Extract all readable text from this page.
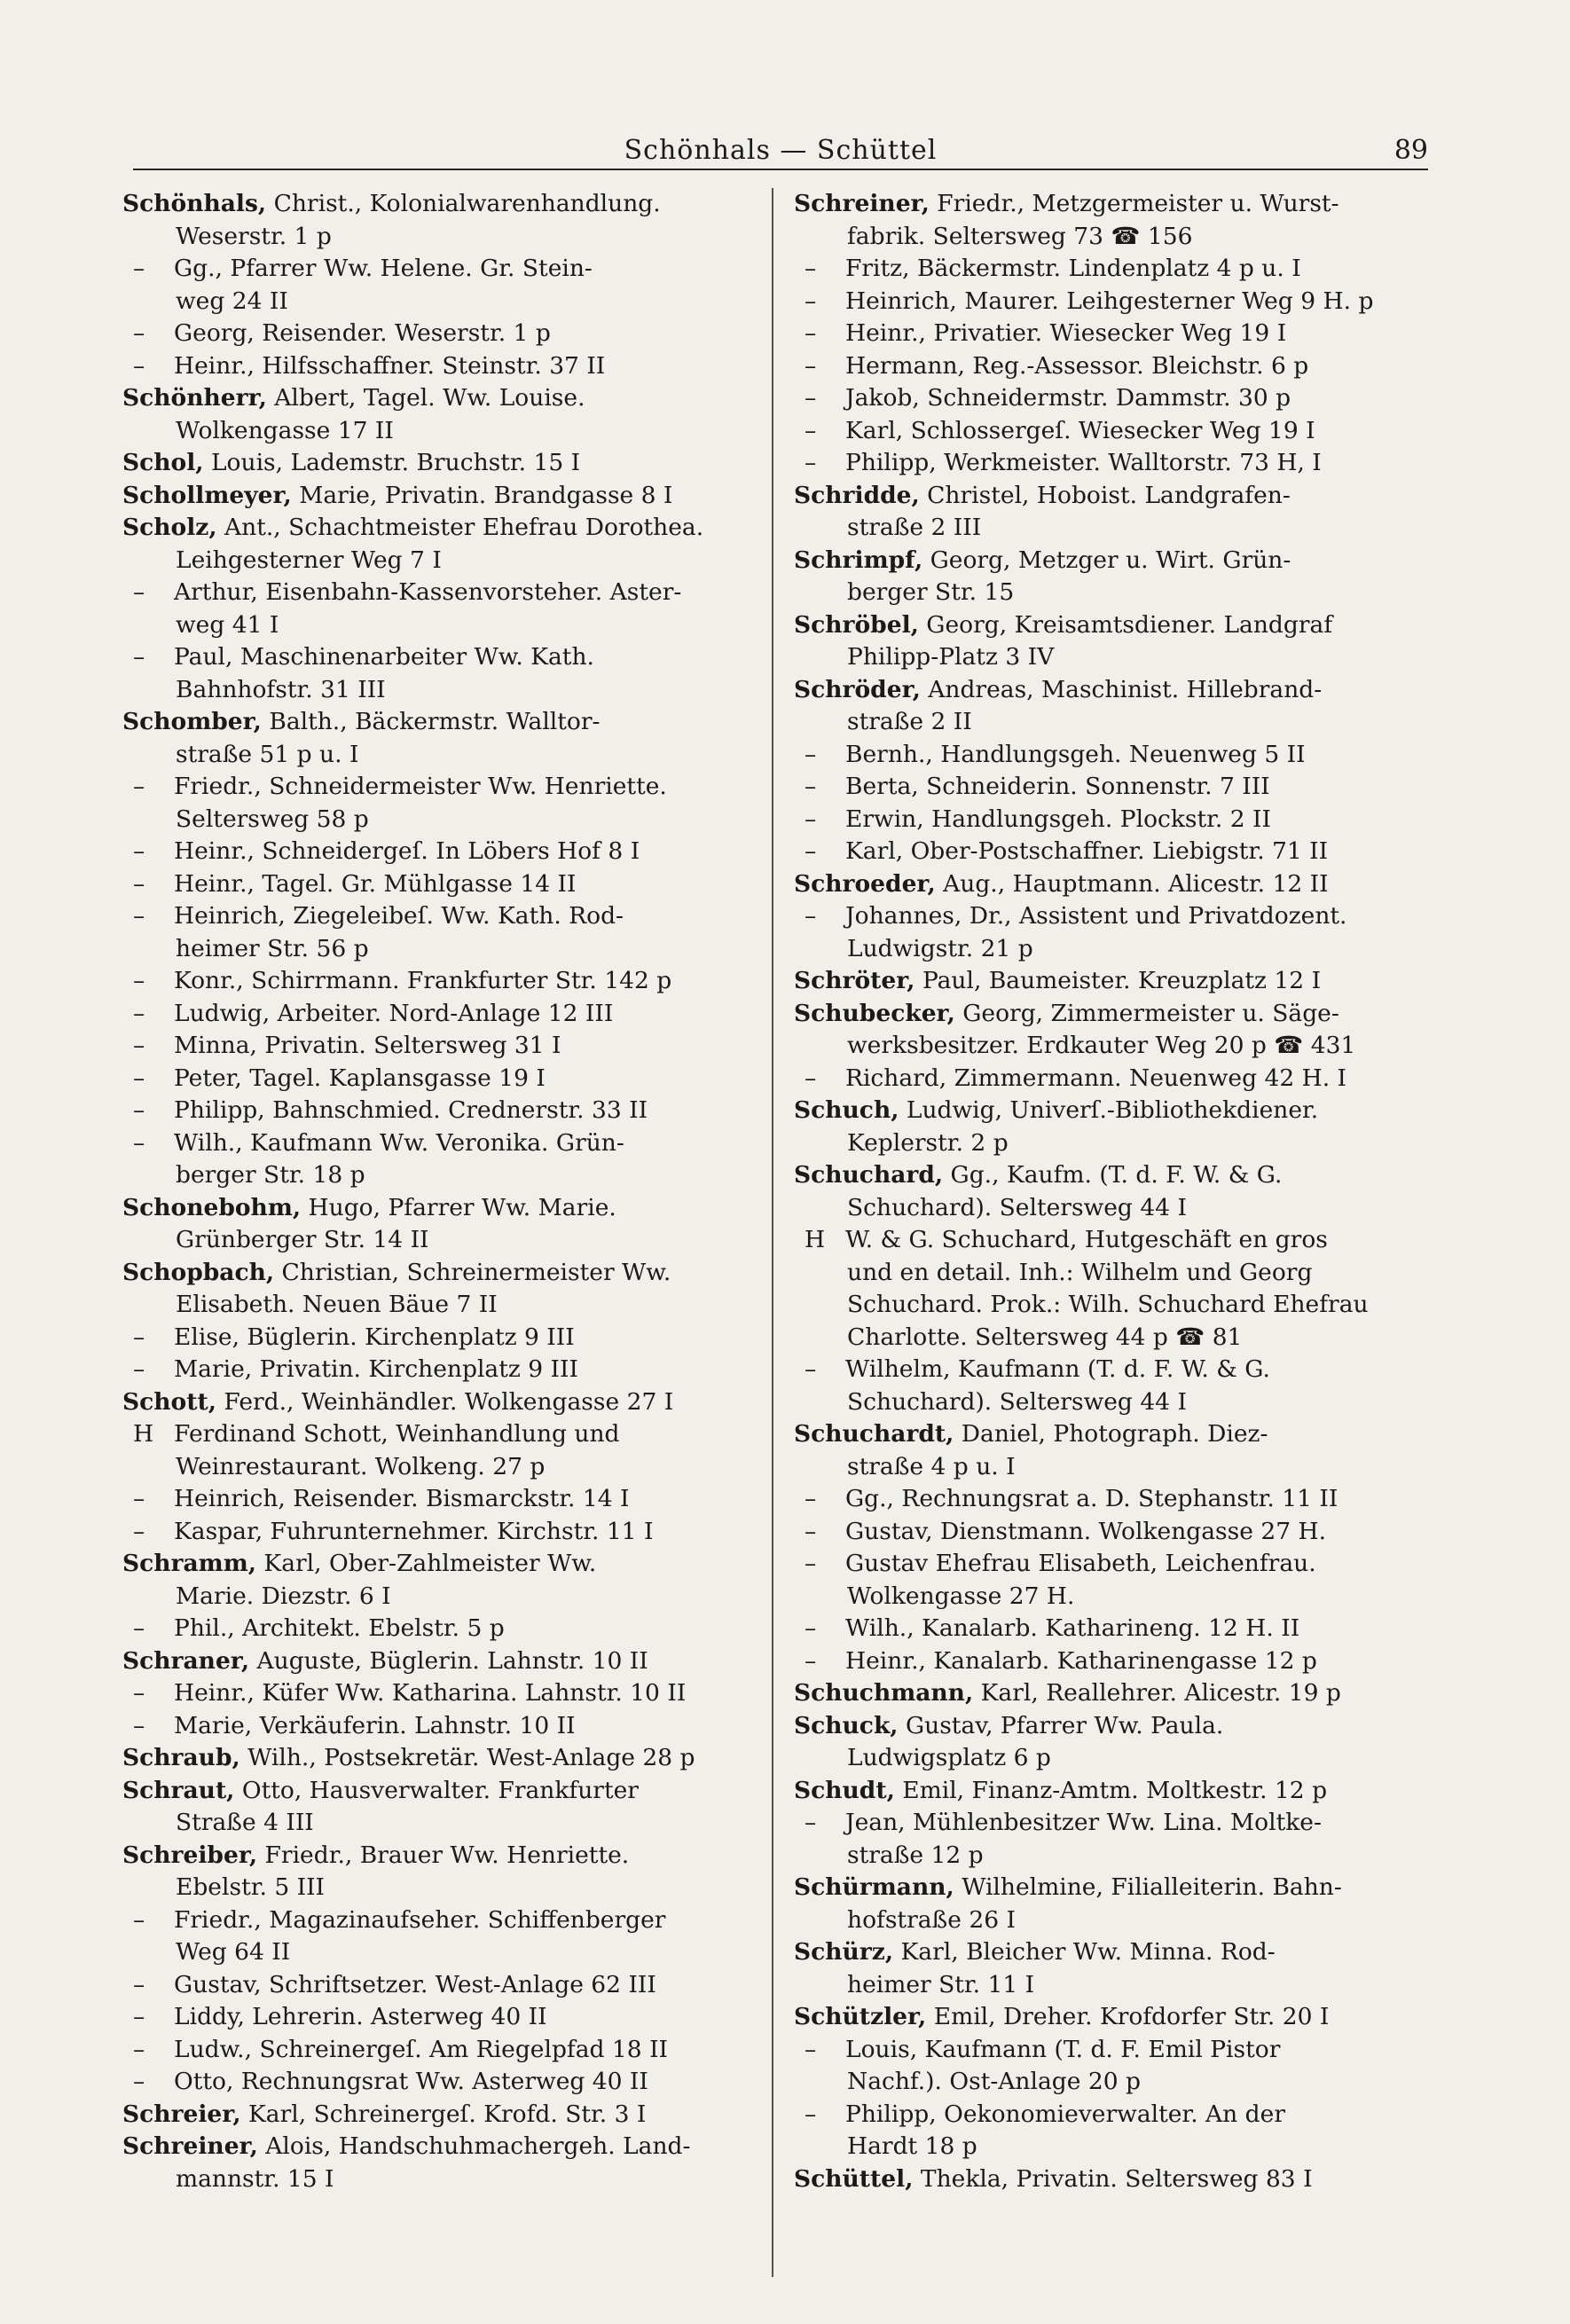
Schönhals — Schüttel	89
Schönhals, Christ., Kolonialwarenhandlung.
Weserstr. 1 p
– Gg., Pfarrer Ww. Helene. Gr. Stein-
weg 24 II
– Georg, Reisender. Weserstr. 1 p
– Heinr., Hilfsschaffner. Steinstr. 37 II
Schönherr, Albert, Tagel. Ww. Louise.
Wolkengasse 17 II
Schol, Louis, Lademstr. Bruchstr. 15 I
Schollmeyer, Marie, Privatin. Brandgasse 8 I
Scholz, Ant., Schachtmeister Ehefrau Dorothea.
Leihgesterner Weg 7 I
– Arthur, Eisenbahn-Kassenvorsteher. Aster-
weg 41 I
– Paul, Maschinenarbeiter Ww. Kath.
Bahnhofstr. 31 III
Schomber, Balth., Bäckermstr. Walltor-
straße 51 p u. I
– Friedr., Schneidermeister Ww. Henriette.
Seltersweg 58 p
– Heinr., Schneidergeſ. In Löbers Hof 8 I
– Heinr., Tagel. Gr. Mühlgasse 14 II
– Heinrich, Ziegeleibeſ. Ww. Kath. Rod-
heimer Str. 56 p
– Konr., Schirrmann. Frankfurter Str. 142 p
– Ludwig, Arbeiter. Nord-Anlage 12 III
– Minna, Privatin. Seltersweg 31 I
– Peter, Tagel. Kaplansgasse 19 I
– Philipp, Bahnschmied. Crednerstr. 33 II
– Wilh., Kaufmann Ww. Veronika. Grün-
berger Str. 18 p
Schonebohm, Hugo, Pfarrer Ww. Marie.
Grünberger Str. 14 II
Schopbach, Christian, Schreinermeister Ww.
Elisabeth. Neuen Bäue 7 II
– Elise, Büglerin. Kirchenplatz 9 III
– Marie, Privatin. Kirchenplatz 9 III
Schott, Ferd., Weinhändler. Wolkengasse 27 I
H Ferdinand Schott, Weinhandlung und
Weinrestaurant. Wolkeng. 27 p
– Heinrich, Reisender. Bismarckstr. 14 I
– Kaspar, Fuhrunternehmer. Kirchstr. 11 I
Schramm, Karl, Ober-Zahlmeister Ww.
Marie. Diezstr. 6 I
– Phil., Architekt. Ebelstr. 5 p
Schraner, Auguste, Büglerin. Lahnstr. 10 II
– Heinr., Küfer Ww. Katharina. Lahnstr. 10 II
– Marie, Verkäuferin. Lahnstr. 10 II
Schraub, Wilh., Postsekretär. West-Anlage 28 p
Schraut, Otto, Hausverwalter. Frankfurter
Straße 4 III
Schreiber, Friedr., Brauer Ww. Henriette.
Ebelstr. 5 III
– Friedr., Magazinaufseher. Schiffenberger
Weg 64 II
– Gustav, Schriftsetzer. West-Anlage 62 III
– Liddy, Lehrerin. Asterweg 40 II
– Ludw., Schreinergeſ. Am Riegelpfad 18 II
– Otto, Rechnungsrat Ww. Asterweg 40 II
Schreier, Karl, Schreinergeſ. Krofd. Str. 3 I
Schreiner, Alois, Handschuhmachergeh. Land-
mannstr. 15 I
Schreiner, Friedr., Metzgermeister u. Wurst-
fabrik. Seltersweg 73 ☎ 156
– Fritz, Bäckermstr. Lindenplatz 4 p u. I
– Heinrich, Maurer. Leihgesterner Weg 9 H. p
– Heinr., Privatier. Wiesecker Weg 19 I
– Hermann, Reg.-Assessor. Bleichstr. 6 p
– Jakob, Schneidermstr. Dammstr. 30 p
– Karl, Schlossergeſ. Wiesecker Weg 19 I
– Philipp, Werkmeister. Walltorstr. 73 H, I
Schridde, Christel, Hoboist. Landgrafen-
straße 2 III
Schrimpf, Georg, Metzger u. Wirt. Grün-
berger Str. 15
Schröbel, Georg, Kreisamtsdiener. Landgraf
Philipp-Platz 3 IV
Schröder, Andreas, Maschinist. Hillebrand-
straße 2 II
– Bernh., Handlungsgeh. Neuenweg 5 II
– Berta, Schneiderin. Sonnenstr. 7 III
– Erwin, Handlungsgeh. Plockstr. 2 II
– Karl, Ober-Postschaffner. Liebigstr. 71 II
Schroeder, Aug., Hauptmann. Alicestr. 12 II
– Johannes, Dr., Assistent und Privatdozent.
Ludwigstr. 21 p
Schröter, Paul, Baumeister. Kreuzplatz 12 I
Schubecker, Georg, Zimmermeister u. Säge-
werksbesitzer. Erdkauter Weg 20 p ☎ 431
– Richard, Zimmermann. Neuenweg 42 H. I
Schuch, Ludwig, Univerſ.-Bibliothekdiener.
Keplerstr. 2 p
Schuchard, Gg., Kaufm. (T. d. F. W. & G.
Schuchard). Seltersweg 44 I
H W. & G. Schuchard, Hutgeschäft en gros
und en detail. Inh.: Wilhelm und Georg
Schuchard. Prok.: Wilh. Schuchard Ehefrau
Charlotte. Seltersweg 44 p ☎ 81
– Wilhelm, Kaufmann (T. d. F. W. & G.
Schuchard). Seltersweg 44 I
Schuchardt, Daniel, Photograph. Diez-
straße 4 p u. I
– Gg., Rechnungsrat a. D. Stephanstr. 11 II
– Gustav, Dienstmann. Wolkengasse 27 H.
– Gustav Ehefrau Elisabeth, Leichenfrau.
Wolkengasse 27 H.
– Wilh., Kanalarb. Katharineng. 12 H. II
– Heinr., Kanalarb. Katharinengasse 12 p
Schuchmann, Karl, Reallehrer. Alicestr. 19 p
Schuck, Gustav, Pfarrer Ww. Paula.
Ludwigsplatz 6 p
Schudt, Emil, Finanz-Amtm. Moltkestr. 12 p
– Jean, Mühlenbesitzer Ww. Lina. Moltke-
straße 12 p
Schürmann, Wilhelmine, Filialleiterin. Bahn-
hofstraße 26 I
Schürz, Karl, Bleicher Ww. Minna. Rod-
heimer Str. 11 I
Schützler, Emil, Dreher. Krofdorfer Str. 20 I
– Louis, Kaufmann (T. d. F. Emil Pistor
Nachf.). Ost-Anlage 20 p
– Philipp, Oekonomieverwalter. An der
Hardt 18 p
Schüttel, Thekla, Privatin. Seltersweg 83 I
